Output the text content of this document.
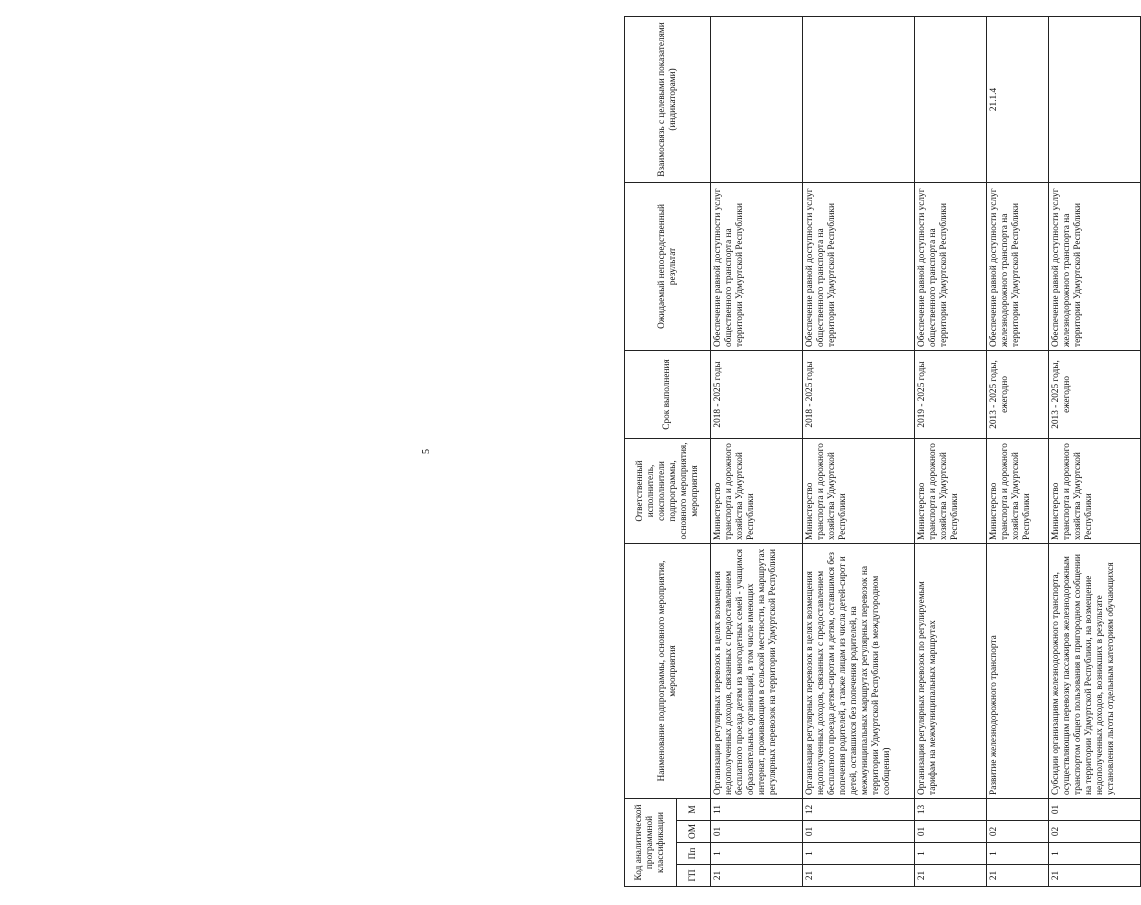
5
Код аналитической программной классификации				Наименование подпрограммы, основного мероприятия, мероприятия	Ответственный исполнитель, соисполнители подпрограммы, основного мероприятия, мероприятия	Срок выполнения	Ожидаемый непосредственный результат	Взаимосвязь с целевыми показателями (индикаторами)
ГП	Пп	ОМ	М					
21	1	01	11	Организация регулярных перевозок в целях возмещения недополученных доходов, связанных с предоставлением бесплатного проезда детям из многодетных семей - учащимся образовательных организаций, в том числе имеющих интернат, проживающим в сельской местности, на маршрутах регулярных перевозок на территории Удмуртской Республики	Министерство транспорта и дорожного хозяйства Удмуртской Республики	2018 - 2025 годы	Обеспечение равной доступности услуг общественного транспорта на территории Удмуртской Республики	
21	1	01	12	Организация регулярных перевозок в целях возмещения недополученных доходов, связанных с предоставлением бесплатного проезда детям-сиротам и детям, оставшимся без попечения родителей, а также лицам из числа детей-сирот и детей, оставшихся без попечения родителей, на межмуниципальных маршрутах регулярных перевозок на территории Удмуртской Республики (в междугородном сообщении)	Министерство транспорта и дорожного хозяйства Удмуртской Республики	2018 - 2025 годы	Обеспечение равной доступности услуг общественного транспорта на территории Удмуртской Республики	
21	1	01	13	Организация регулярных перевозок по регулируемым тарифам на межмуниципальных маршрутах	Министерство транспорта и дорожного хозяйства Удмуртской Республики	2019 - 2025 годы	Обеспечение равной доступности услуг общественного транспорта на территории Удмуртской Республики	
21	1	02		Развитие железнодорожного транспорта	Министерство транспорта и дорожного хозяйства Удмуртской Республики	2013 - 2025 годы, ежегодно	Обеспечение равной доступности услуг железнодорожного транспорта на территории Удмуртской Республики	21.1.4
21	1	02	01	Субсидии организациям железнодорожного транспорта, осуществляющим перевозку пассажиров железнодорожным транспортом общего пользования в пригородном сообщении на территории Удмуртской Республики, на возмещение недополученных доходов, возникших в результате установления льготы отдельным категориям обучающихся	Министерство транспорта и дорожного хозяйства Удмуртской Республики	2013 - 2025 годы, ежегодно	Обеспечение равной доступности услуг железнодорожного транспорта на территории Удмуртской Республики	
